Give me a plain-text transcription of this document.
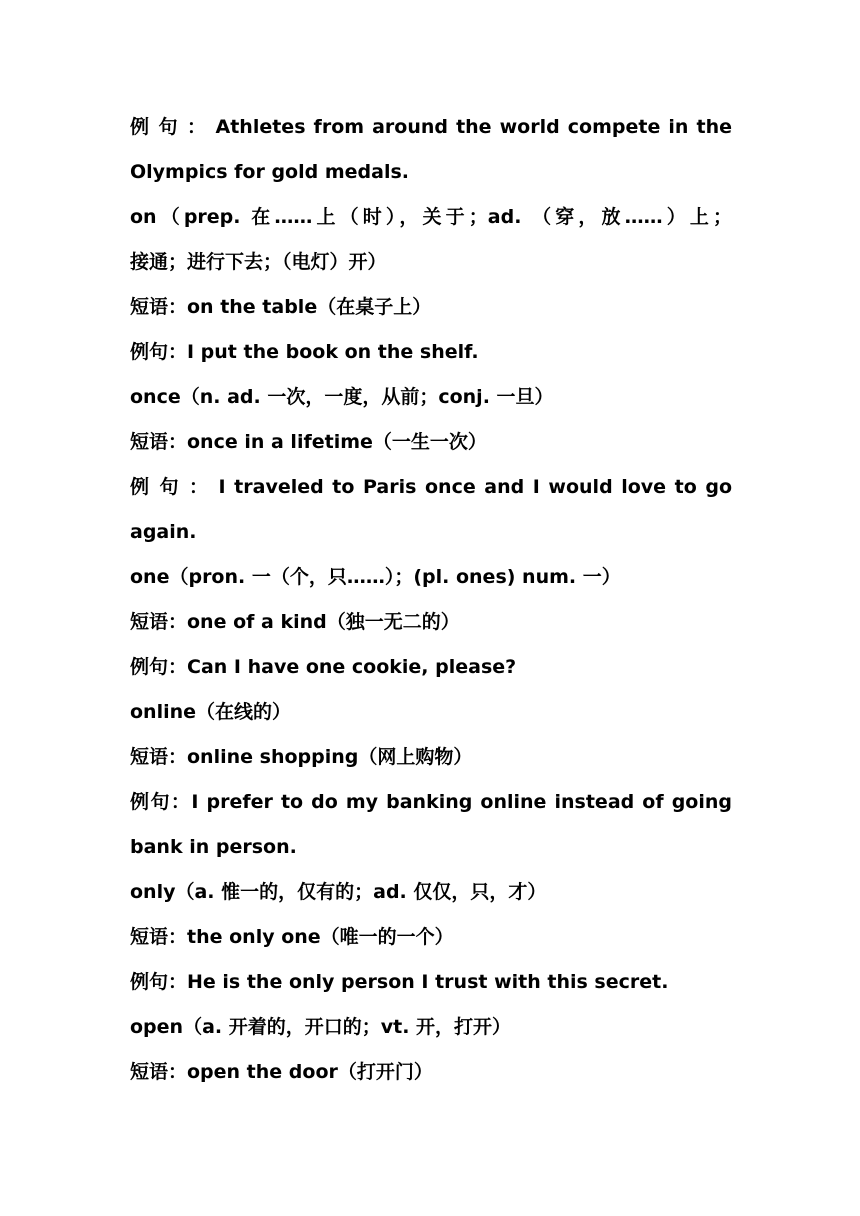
例 句 ： Athletes from around the world compete in the
Olympics for gold medals.
on（prep. 在……上（时），关于；ad. （穿，放……）上；
接通；进行下去；（电灯）开）
短语：on the table（在桌子上）
例句：I put the book on the shelf.
once（n. ad. 一次，一度，从前；conj. 一旦）
短语：once in a lifetime（一生一次）
例 句 ： I traveled to Paris once and I would love to go
again.
one（pron. 一（个，只……）；(pl. ones) num. 一）
短语：one of a kind（独一无二的）
例句：Can I have one cookie, please?
online（在线的）
短语：online shopping（网上购物）
例句：I prefer to do my banking online instead of going
bank in person.
only（a. 惟一的，仅有的；ad. 仅仅，只，才）
短语：the only one（唯一的一个）
例句：He is the only person I trust with this secret.
open（a. 开着的，开口的；vt. 开，打开）
短语：open the door（打开门）
